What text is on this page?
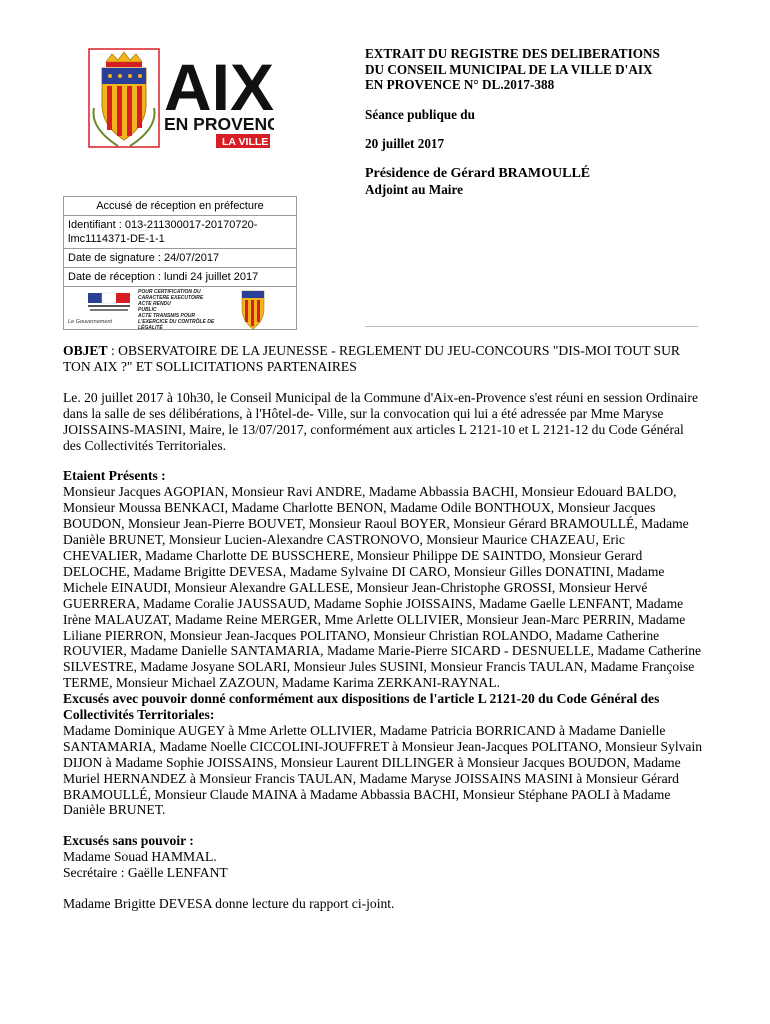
AIX
EN PROVENC
LA VILLE
EXTRAIT DU REGISTRE DES DELIBERATIONS
DU CONSEIL MUNICIPAL DE LA VILLE D'AIX
EN PROVENCE N° DL.2017-388
Séance publique du
20 juillet 2017
Présidence de Gérard BRAMOULLÉ
Adjoint au Maire
Accusé de réception en préfecture
Identifiant : 013-211300017-20170720-
lmc1114371-DE-1-1
Date de signature : 24/07/2017
Date de réception : lundi 24 juillet 2017
Le Gouvernement
POUR CERTIFICATION DU
CARACTERE EXECUTOIRE
ACTE RENDU
PUBLIC
ACTE TRANSMIS POUR
L'EXERCICE DU CONTRÔLE DE
LÉGALITÉ

OBJET : OBSERVATOIRE DE LA JEUNESSE - REGLEMENT DU JEU-CONCOURS "DIS-MOI TOUT SUR TON AIX ?" ET SOLLICITATIONS PARTENAIRES

Le. 20 juillet 2017 à 10h30, le Conseil Municipal de la Commune d'Aix-en-Provence s'est réuni en session Ordinaire dans la salle de ses délibérations, à l'Hôtel-de- Ville, sur la convocation qui lui a été adressée par Mme Maryse JOISSAINS-MASINI, Maire, le 13/07/2017, conformément aux articles L 2121-10 et L 2121-12 du Code Général des Collectivités Territoriales.

Etaient Présents :

Monsieur Jacques AGOPIAN, Monsieur Ravi ANDRE, Madame Abbassia BACHI, Monsieur Edouard BALDO, Monsieur Moussa BENKACI, Madame Charlotte BENON, Madame Odile BONTHOUX, Monsieur Jacques BOUDON, Monsieur Jean-Pierre BOUVET, Monsieur Raoul BOYER, Monsieur Gérard BRAMOULLÉ, Madame Danièle BRUNET, Monsieur Lucien-Alexandre CASTRONOVO, Monsieur Maurice CHAZEAU, Eric CHEVALIER, Madame Charlotte DE BUSSCHERE, Monsieur Philippe DE SAINTDO, Monsieur Gerard DELOCHE, Madame Brigitte DEVESA, Madame Sylvaine DI CARO, Monsieur Gilles DONATINI, Madame Michele EINAUDI, Monsieur Alexandre GALLESE, Monsieur Jean-Christophe GROSSI, Monsieur Hervé GUERRERA, Madame Coralie JAUSSAUD, Madame Sophie JOISSAINS, Madame Gaelle LENFANT, Madame Irène MALAUZAT, Madame Reine MERGER, Mme Arlette OLLIVIER, Monsieur Jean-Marc PERRIN, Madame Liliane PIERRON, Monsieur Jean-Jacques POLITANO, Monsieur Christian ROLANDO, Madame Catherine ROUVIER, Madame Danielle SANTAMARIA, Madame Marie-Pierre SICARD - DESNUELLE, Madame Catherine SILVESTRE, Madame Josyane SOLARI, Monsieur Jules SUSINI, Monsieur Francis TAULAN, Madame Françoise TERME, Monsieur Michael ZAZOUN, Madame Karima ZERKANI-RAYNAL.

Excusés avec pouvoir donné conformément aux dispositions de l'article L 2121-20 du Code Général des Collectivités Territoriales:

Madame Dominique AUGEY à Mme Arlette OLLIVIER, Madame Patricia BORRICAND à Madame Danielle SANTAMARIA, Madame Noelle CICCOLINI-JOUFFRET à Monsieur Jean-Jacques POLITANO, Monsieur Sylvain DIJON à Madame Sophie JOISSAINS, Monsieur Laurent DILLINGER à Monsieur Jacques BOUDON, Madame Muriel HERNANDEZ à Monsieur Francis TAULAN, Madame Maryse JOISSAINS MASINI à Monsieur Gérard BRAMOULLÉ, Monsieur Claude MAINA à Madame Abbassia BACHI, Monsieur Stéphane PAOLI à Madame Danièle BRUNET.

Excusés sans pouvoir :

Madame Souad HAMMAL.

Secrétaire : Gaëlle LENFANT

Madame Brigitte DEVESA donne lecture du rapport ci-joint.
